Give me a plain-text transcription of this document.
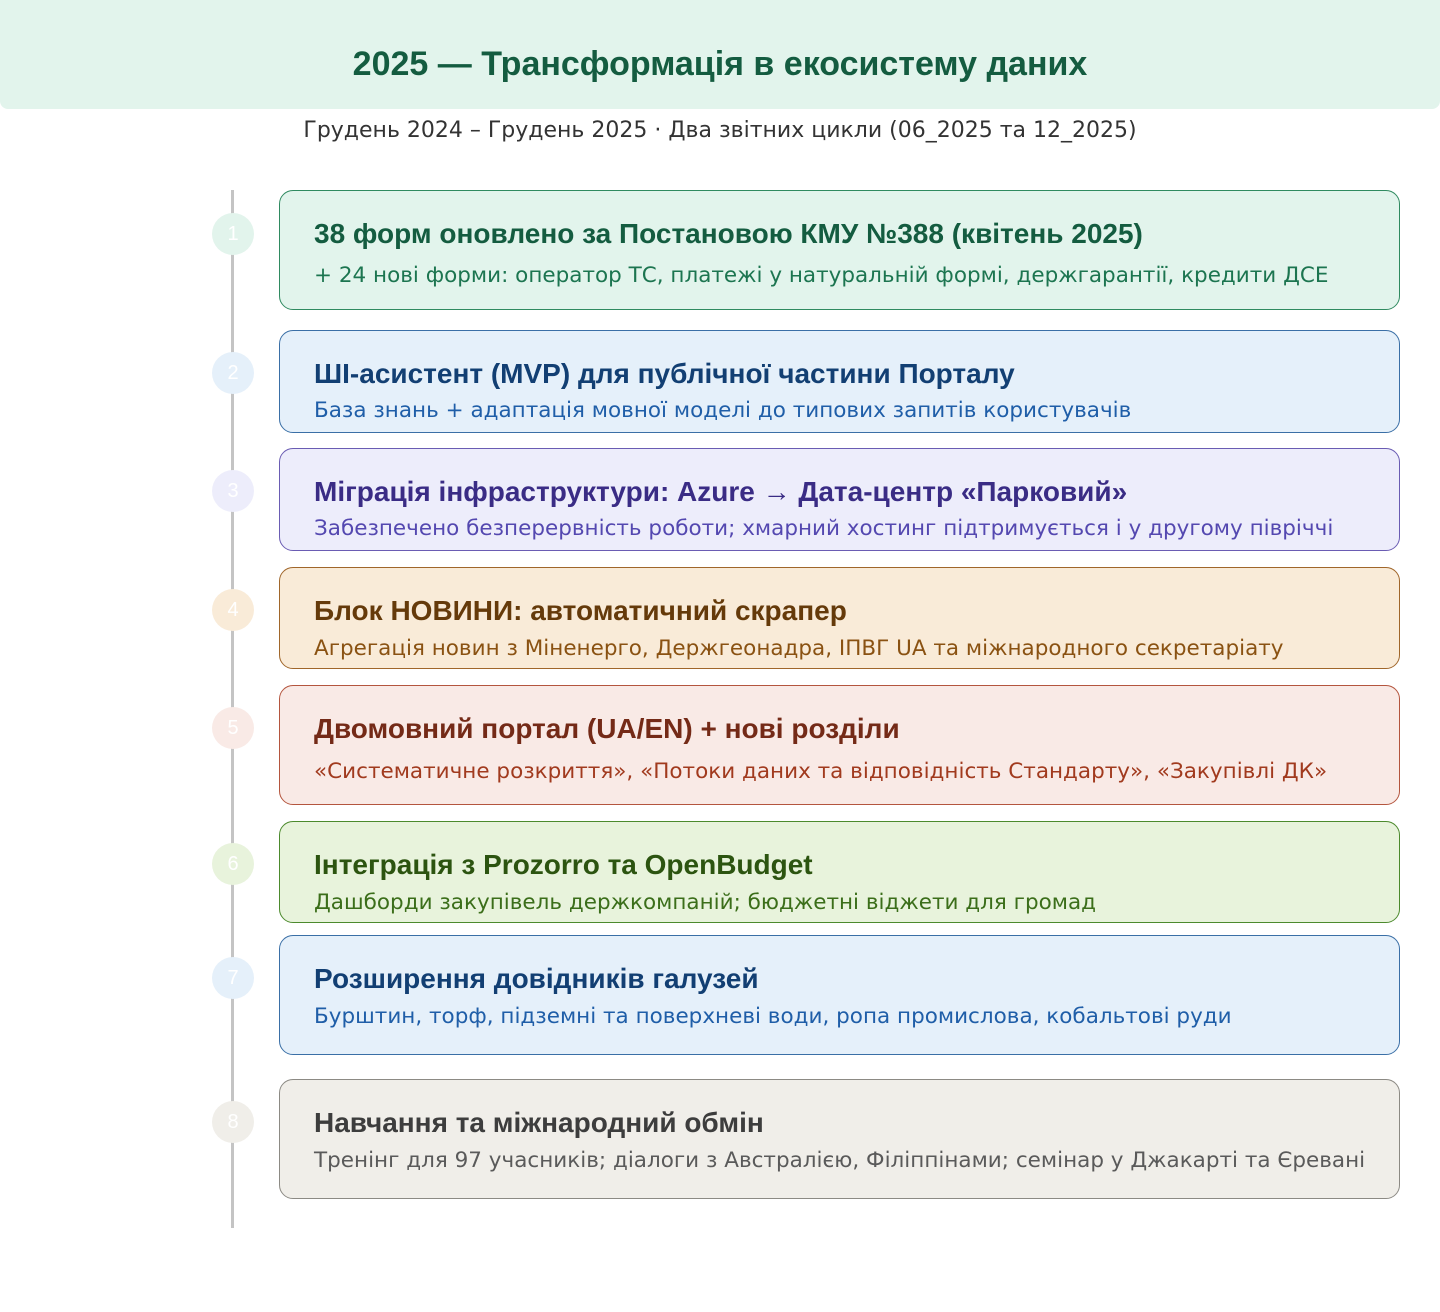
2025 — Трансформація в екосистему даних
Грудень 2024 – Грудень 2025 · Два звітних цикли (06_2025 та 12_2025)
1	38 форм оновлено за Постановою КМУ №388 (квітень 2025)
+ 24 нові форми: оператор ТС, платежі у натуральній формі, держгарантії, кредити ДСЕ
2	ШІ-асистент (MVP) для публічної частини Порталу
База знань + адаптація мовної моделі до типових запитів користувачів
3	Міграція інфраструктури: Azure → Дата-центр «Парковий»
Забезпечено безперервність роботи; хмарний хостинг підтримується і у другому півріччі
4	Блок НОВИНИ: автоматичний скрапер
Агрегація новин з Міненерго, Держгеонадра, ІПВГ UA та міжнародного секретаріату
5	Двомовний портал (UA/EN) + нові розділи
«Систематичне розкриття», «Потоки даних та відповідність Стандарту», «Закупівлі ДК»
6	Інтеграція з Prozorro та OpenBudget
Дашборди закупівель держкомпаній; бюджетні віджети для громад
7	Розширення довідників галузей
Бурштин, торф, підземні та поверхневі води, ропа промислова, кобальтові руди
8	Навчання та міжнародний обмін
Тренінг для 97 учасників; діалоги з Австралією, Філіппінами; семінар у Джакарті та Єревані
